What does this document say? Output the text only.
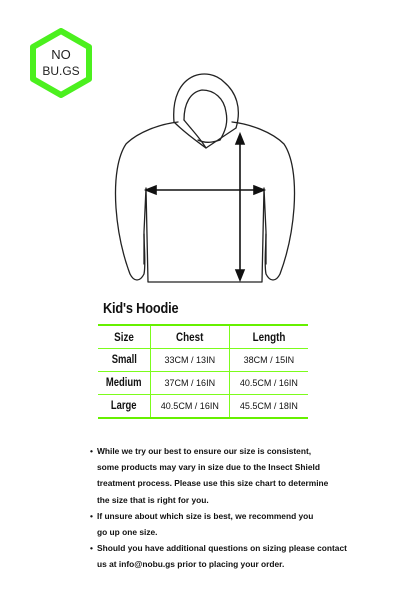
NO
BU.GS
Kid's Hoodie
Size	Chest	Length
Small	33CM / 13IN	38CM / 15IN
Medium	37CM / 16IN	40.5CM / 16IN
Large	40.5CM / 16IN	45.5CM / 18IN
• While we try our best to ensure our size is consistent,
some products may vary in size due to the Insect Shield
treatment process. Please use this size chart to determine
the size that is right for you.
• If unsure about which size is best, we recommend you
go up one size.
• Should you have additional questions on sizing please contact
us at info@nobu.gs prior to placing your order.
